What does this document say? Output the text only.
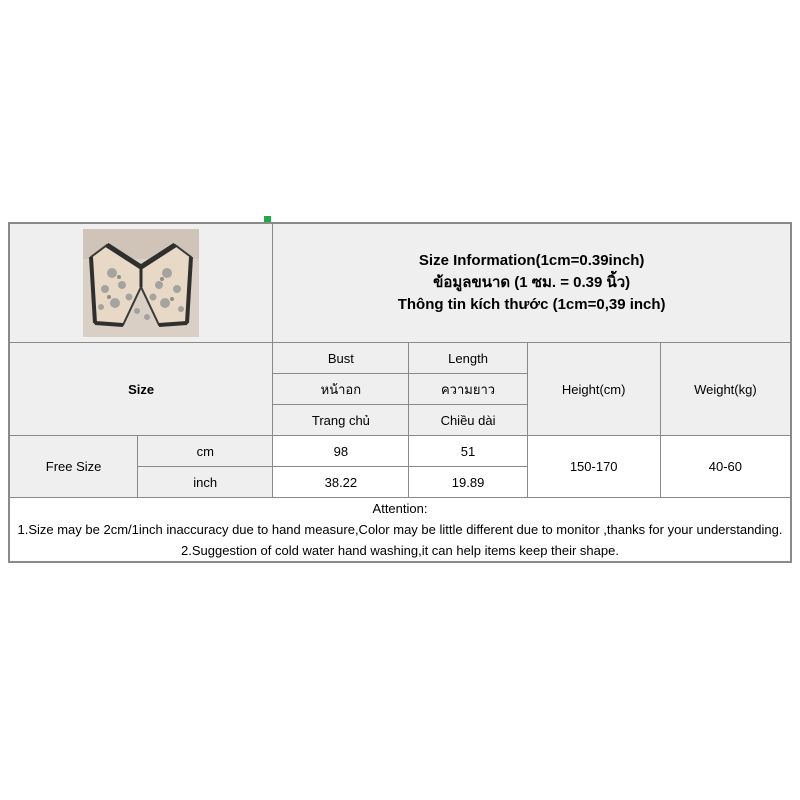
Size Information(1cm=0.39inch)
ข้อมูลขนาด (1 ซม. = 0.39 นิ้ว)
Thông tin kích thước (1cm=0,39 inch)			

Size		Bust	Length	Height(cm)	Weight(kg)
		หน้าอก	ความยาว		
		Trang chủ	Chiều dài		
Free Size	cm	98	51	150-170	40-60
	inch	38.22	19.89		

Attention:
1.Size may be 2cm/1inch inaccuracy due to hand measure,Color may be little different due to monitor ,thanks for your understanding.
2.Suggestion of cold water hand washing,it can help items keep their shape.					
